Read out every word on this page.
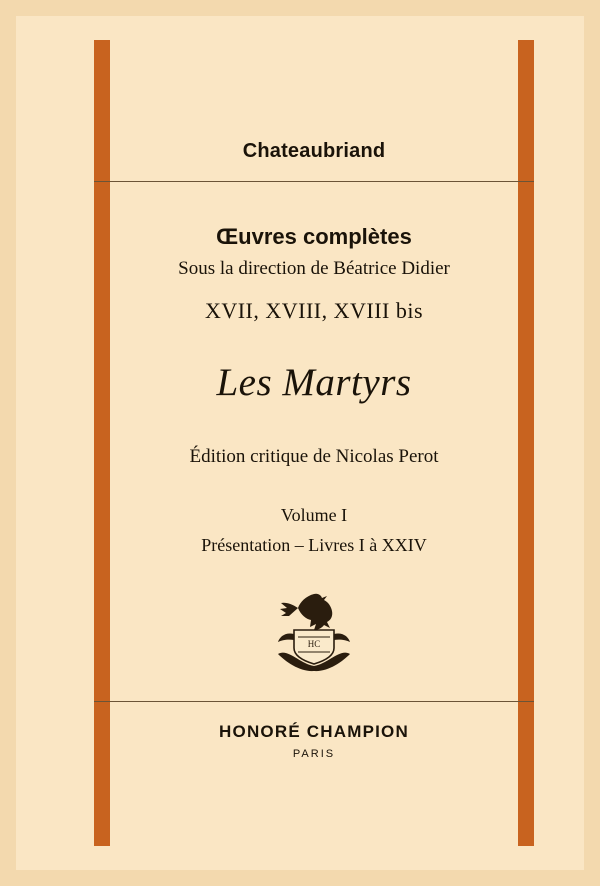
Chateaubriand
Œuvres complètes
Sous la direction de Béatrice Didier
XVII, XVIII, XVIII bis
Les Martyrs
Édition critique de Nicolas Perot
Volume I
Présentation – Livres I à XXIV
HC
HONORÉ CHAMPION
PARIS
